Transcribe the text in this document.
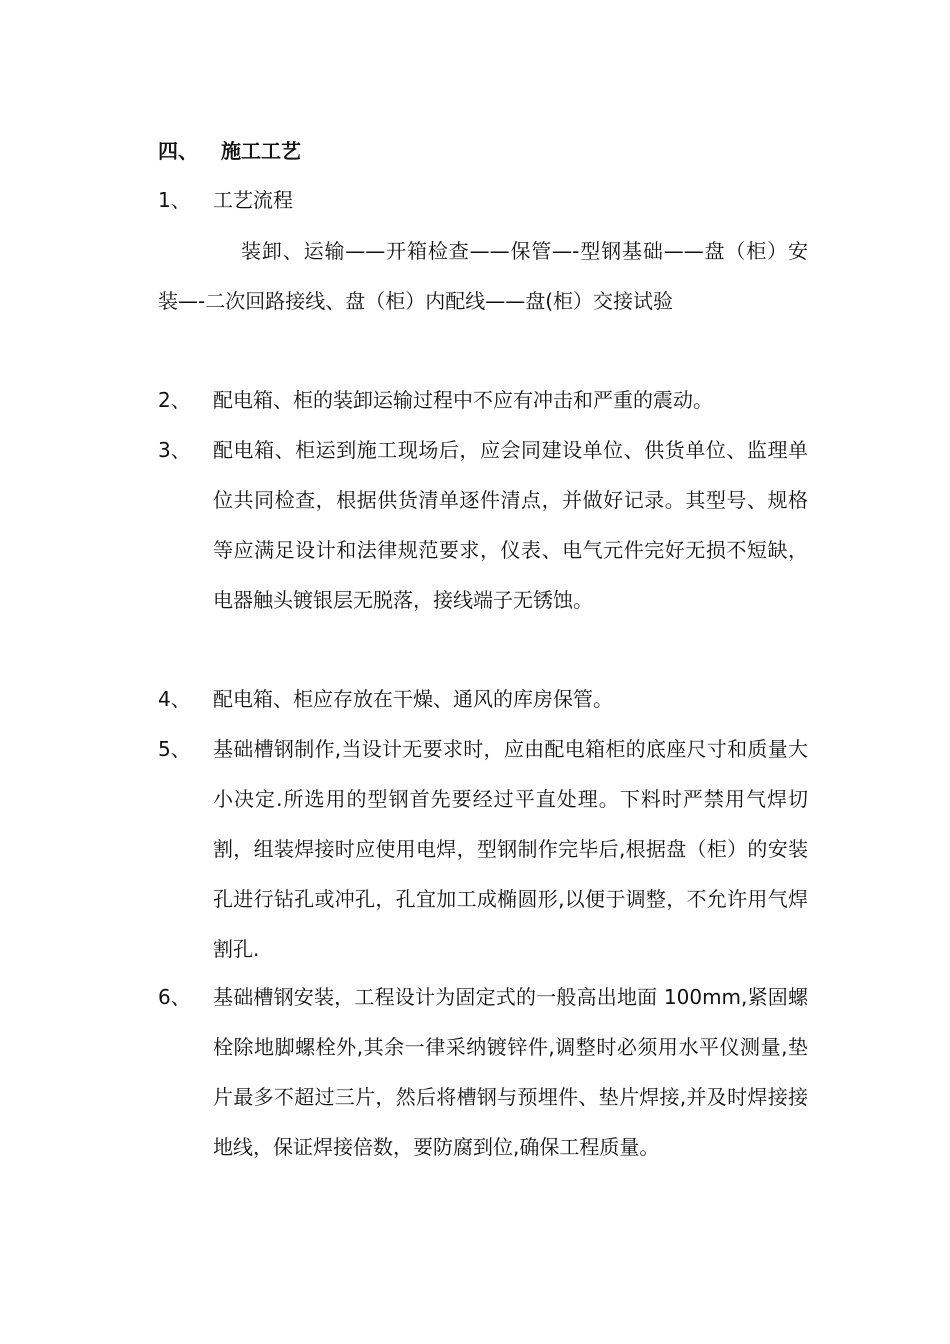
四、 施工工艺
1、 工艺流程
装卸、运输——开箱检查——保管—-型钢基础——盘（柜）安装—-二次回路接线、盘（柜）内配线——盘(柜）交接试验
2、 配电箱、柜的装卸运输过程中不应有冲击和严重的震动。
3、 配电箱、柜运到施工现场后，应会同建设单位、供货单位、监理单位共同检查，根据供货清单逐件清点，并做好记录。其型号、规格等应满足设计和法律规范要求，仪表、电气元件完好无损不短缺，电器触头镀银层无脱落，接线端子无锈蚀。
4、 配电箱、柜应存放在干燥、通风的库房保管。
5、 基础槽钢制作,当设计无要求时，应由配电箱柜的底座尺寸和质量大小决定.所选用的型钢首先要经过平直处理。下料时严禁用气焊切割，组装焊接时应使用电焊，型钢制作完毕后,根据盘（柜）的安装孔进行钻孔或冲孔，孔宜加工成椭圆形,以便于调整，不允许用气焊割孔.
6、 基础槽钢安装，工程设计为固定式的一般高出地面 100mm,紧固螺栓除地脚螺栓外,其余一律采纳镀锌件,调整时必须用水平仪测量,垫片最多不超过三片，然后将槽钢与预埋件、垫片焊接,并及时焊接接地线，保证焊接倍数，要防腐到位,确保工程质量。
